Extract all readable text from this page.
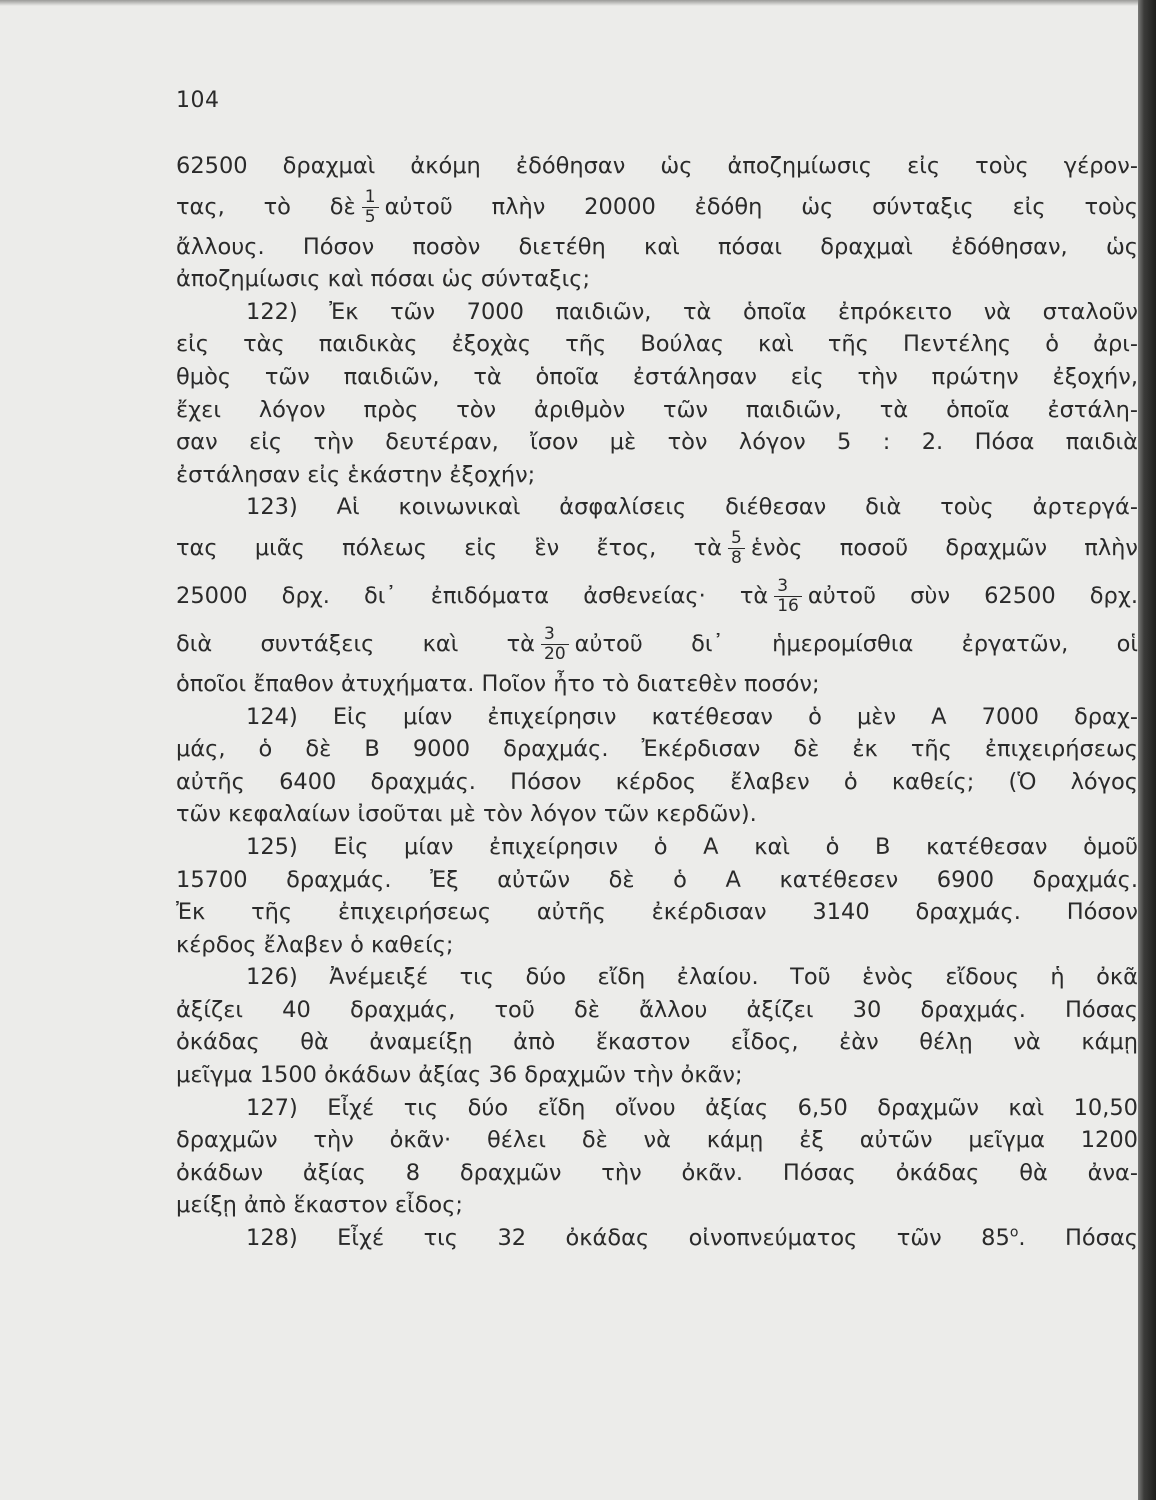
104
62500 δραχμαὶ ἀκόμη ἐδόθησαν ὡς ἀποζημίωσις εἰς τοὺς γέρον-
τας, τὸ δὲ $\frac{1}{5}$ αὐτοῦ πλὴν 20000 ἐδόθη ὡς σύνταξις εἰς τοὺς
ἄλλους. Πόσον ποσὸν διετέθη καὶ πόσαι δραχμαὶ ἐδόθησαν, ὡς
ἀποζημίωσις καὶ πόσαι ὡς σύνταξις;
122) Ἐκ τῶν 7000 παιδιῶν, τὰ ὁποῖα ἐπρόκειτο νὰ σταλοῦν
εἰς τὰς παιδικὰς ἐξοχὰς τῆς Βούλας καὶ τῆς Πεντέλης ὁ ἀρι-
θμὸς τῶν παιδιῶν, τὰ ὁποῖα ἐστάλησαν εἰς τὴν πρώτην ἐξοχήν,
ἔχει λόγον πρὸς τὸν ἀριθμὸν τῶν παιδιῶν, τὰ ὁποῖα ἐστάλη-
σαν εἰς τὴν δευτέραν, ἴσον μὲ τὸν λόγον 5 : 2. Πόσα παιδιὰ
ἐστάλησαν εἰς ἑκάστην ἐξοχήν;
123) Αἱ κοινωνικαὶ ἀσφαλίσεις διέθεσαν διὰ τοὺς ἀρτεργά-
τας μιᾶς πόλεως εἰς ἓν ἔτος, τὰ $\frac{5}{8}$ ἑνὸς ποσοῦ δραχμῶν πλὴν
25000 δρχ. δι᾽ ἐπιδόματα ἀσθενείας· τὰ $\frac{3}{16}$ αὐτοῦ σὺν 62500 δρχ.
διὰ συντάξεις καὶ τὰ $\frac{3}{20}$ αὐτοῦ δι᾽ ἡμερομίσθια ἐργατῶν, οἱ
ὁποῖοι ἔπαθον ἀτυχήματα. Ποῖον ἦτο τὸ διατεθὲν ποσόν;
124) Εἰς μίαν ἐπιχείρησιν κατέθεσαν ὁ μὲν Α 7000 δραχ-
μάς, ὁ δὲ Β 9000 δραχμάς. Ἐκέρδισαν δὲ ἐκ τῆς ἐπιχειρήσεως
αὐτῆς 6400 δραχμάς. Πόσον κέρδος ἔλαβεν ὁ καθείς; (Ὁ λόγος
τῶν κεφαλαίων ἰσοῦται μὲ τὸν λόγον τῶν κερδῶν).
125) Εἰς μίαν ἐπιχείρησιν ὁ Α καὶ ὁ Β κατέθεσαν ὁμοῦ
15700 δραχμάς. Ἐξ αὐτῶν δὲ ὁ Α κατέθεσεν 6900 δραχμάς.
Ἐκ τῆς ἐπιχειρήσεως αὐτῆς ἐκέρδισαν 3140 δραχμάς. Πόσον
κέρδος ἔλαβεν ὁ καθείς;
126) Ἀνέμειξέ τις δύο εἴδη ἐλαίου. Τοῦ ἑνὸς εἴδους ἡ ὀκᾶ
ἀξίζει 40 δραχμάς, τοῦ δὲ ἄλλου ἀξίζει 30 δραχμάς. Πόσας
ὀκάδας θὰ ἀναμείξῃ ἀπὸ ἕκαστον εἶδος, ἐὰν θέλῃ νὰ κάμῃ
μεῖγμα 1500 ὀκάδων ἀξίας 36 δραχμῶν τὴν ὀκᾶν;
127) Εἶχέ τις δύο εἴδη οἴνου ἀξίας 6,50 δραχμῶν καὶ 10,50
δραχμῶν τὴν ὀκᾶν· θέλει δὲ νὰ κάμῃ ἐξ αὐτῶν μεῖγμα 1200
ὀκάδων ἀξίας 8 δραχμῶν τὴν ὀκᾶν. Πόσας ὀκάδας θὰ ἀνα-
μείξῃ ἀπὸ ἕκαστον εἶδος;
128) Εἶχέ τις 32 ὀκάδας οἰνοπνεύματος τῶν $85^o$. Πόσας
